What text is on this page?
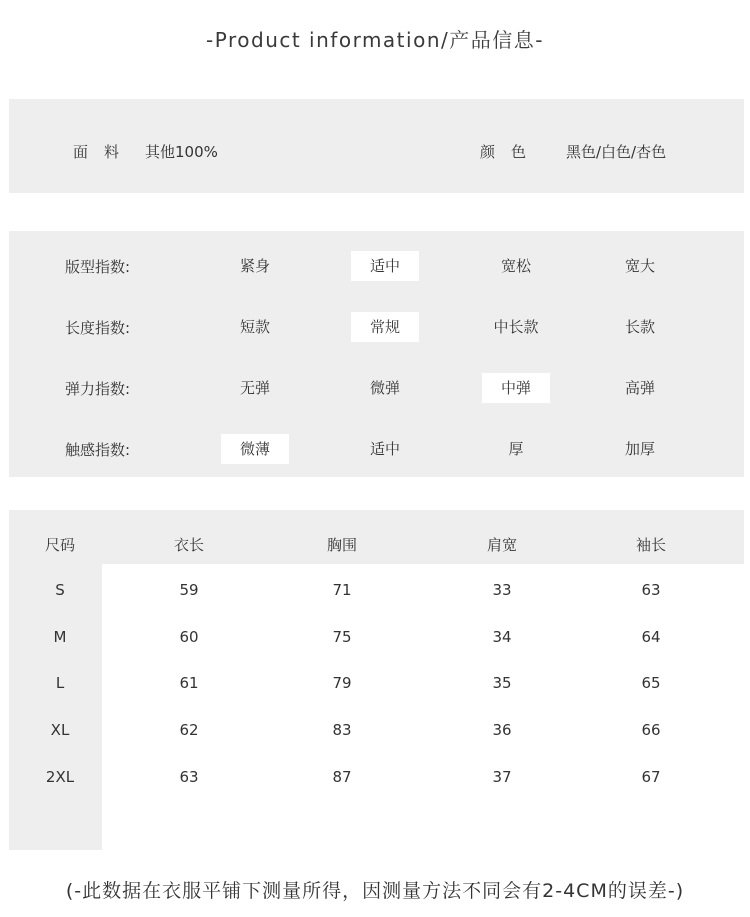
-Product information/产品信息-
面料 其他100%	颜色 黑色/白色/杏色
版型指数:	紧身	适中	宽松	宽大
长度指数:	短款	常规	中长款	长款
弹力指数:	无弹	微弹	中弹	高弹
触感指数:	微薄	适中	厚	加厚
尺码	衣长	胸围	肩宽	袖长
S	59	71	33	63
M	60	75	34	64
L	61	79	35	65
XL	62	83	36	66
2XL	63	87	37	67
(-此数据在衣服平铺下测量所得，因测量方法不同会有2-4CM的误差-)
